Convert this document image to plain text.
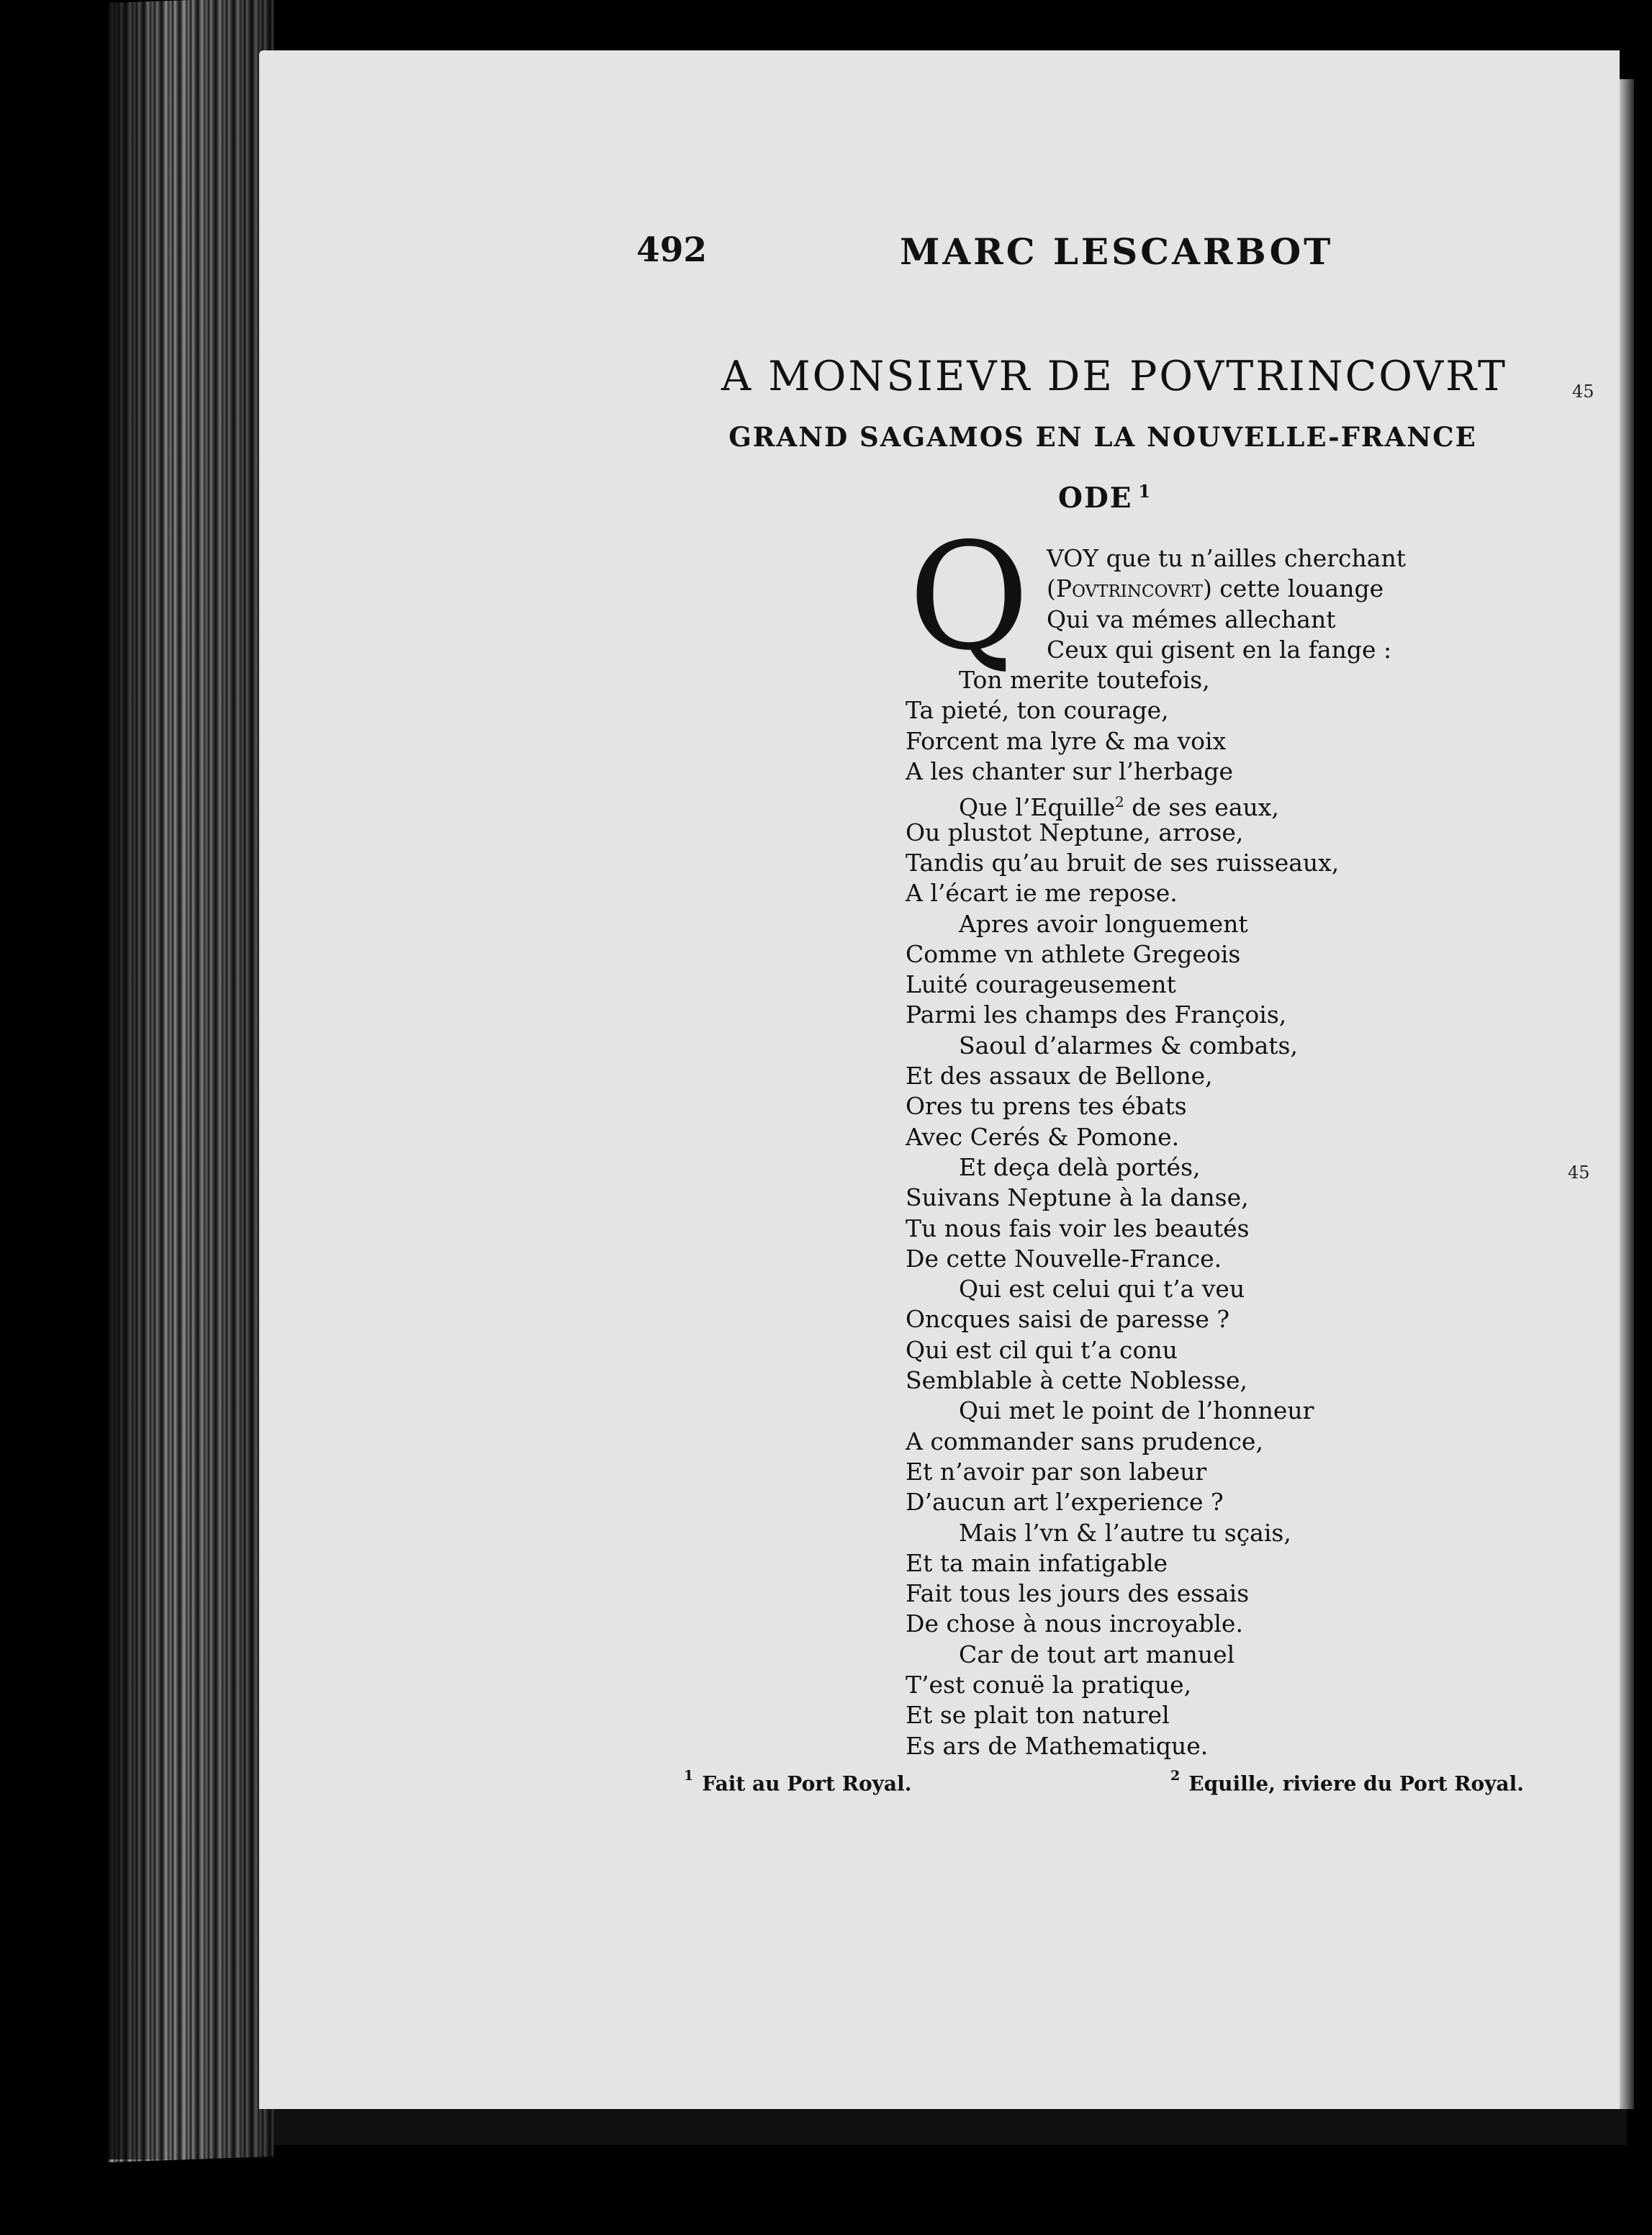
492	MARC LESCARBOT
A MONSIEVR DE POVTRINCOVRT
GRAND SAGAMOS EN LA NOUVELLE-FRANCE
ODE $^1$
45
45
Q VOY que tu n’ailles cherchant
(Povtrincovrt) cette louange
Qui va mémes allechant
Ceux qui gisent en la fange :
Ton merite toutefois,
Ta pieté, ton courage,
Forcent ma lyre & ma voix
A les chanter sur l’herbage
Que l’Equille$^2$ de ses eaux,
Ou plustot Neptune, arrose,
Tandis qu’au bruit de ses ruisseaux,
A l’écart ie me repose.
Apres avoir longuement
Comme vn athlete Gregeois
Luité courageusement
Parmi les champs des François,
Saoul d’alarmes & combats,
Et des assaux de Bellone,
Ores tu prens tes ébats
Avec Cerés & Pomone.
Et deça delà portés,
Suivans Neptune à la danse,
Tu nous fais voir les beautés
De cette Nouvelle-France.
Qui est celui qui t’a veu
Oncques saisi de paresse ?
Qui est cil qui t’a conu
Semblable à cette Noblesse,
Qui met le point de l’honneur
A commander sans prudence,
Et n’avoir par son labeur
D’aucun art l’experience ?
Mais l’vn & l’autre tu sçais,
Et ta main infatigable
Fait tous les jours des essais
De chose à nous incroyable.
Car de tout art manuel
T’est conuë la pratique,
Et se plait ton naturel
Es ars de Mathematique.
$^1$ Fait au Port Royal.	$^2$ Equille, riviere du Port Royal.
